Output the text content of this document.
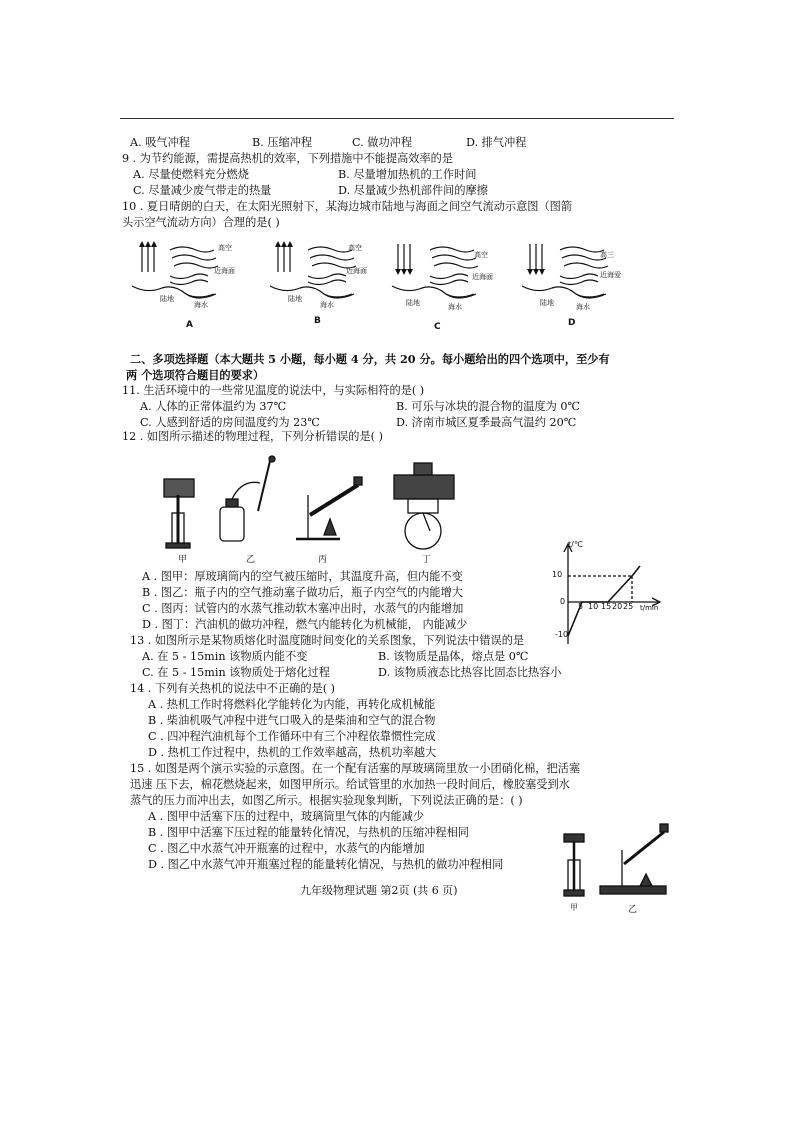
A. 吸气冲程	B. 压缩冲程	C. 做功冲程	D. 排气冲程
9 . 为节约能源，需提高热机的效率，下列措施中不能提高效率的是
A. 尽量使燃料充分燃烧	B. 尽量增加热机的工作时间
C. 尽量减少废气带走的热量	D. 尽量减少热机部件间的摩擦
10 . 夏日晴朗的白天，在太阳光照射下，某海边城市陆地与海面之间空气流动示意图（图箭
头示空气流动方向）合理的是( )
高空
近海面
陆地
海水
A
高空
近海面
陆地
海水
B
高空
近海面
陆地	海水
C
高三
近海爱
陆地	海水
D
二、多项选择题（本大题共 5 小题，每小题 4 分，共 20 分。每小题给出的四个选项中，至少有
两 个选项符合题目的要求）
11. 生活环境中的一些常见温度的说法中，与实际相符的是( )
A. 人体的正常体温约为 37℃	B. 可乐与冰块的混合物的温度为 0℃
C. 人感到舒适的房间温度约为 23℃	D. 济南市城区夏季最高气温约 20℃
12 . 如图所示描述的物理过程，下列分析错误的是( )
甲	乙	丙	丁
A . 图甲：厚玻璃筒内的空气被压缩时，其温度升高，但内能不变
B . 图乙：瓶子内的空气推动塞子做功后，瓶子内空气的内能增大
C . 图丙：试管内的水蒸气推动软木塞冲出时，水蒸气的内能增加
D . 图丁：汽油机的做功冲程，燃气内能转化为机械能， 内能减少
t/℃
10
0
-10
5 10 15 20 25 t/min
13 . 如图所示是某物质熔化时温度随时间变化的关系图象，下列说法中错误的是
A. 在 5 - 15min 该物质内能不变	B. 该物质是晶体，熔点是 0℃
C. 在 5 - 15min 该物质处于熔化过程	D. 该物质液态比热容比固态比热容小
14 . 下列有关热机的说法中不正确的是( )
A . 热机工作时将燃料化学能转化为内能，再转化成机械能
B . 柴油机吸气冲程中进气口吸入的是柴油和空气的混合物
C . 四冲程汽油机每个工作循环中有三个冲程依靠惯性完成
D . 热机工作过程中，热机的工作效率越高，热机功率越大
15 . 如图是两个演示实验的示意图。在一个配有活塞的厚玻璃筒里放一小团硝化棉，把活塞
迅速 压下去，棉花燃烧起来，如图甲所示。给试管里的水加热一段时间后，橡胶塞受到水
蒸气的压力而冲出去，如图乙所示。根据实验现象判断，下列说法正确的是：( )
A . 图甲中活塞下压的过程中，玻璃筒里气体的内能减少
B . 图甲中活塞下压过程的能量转化情况，与热机的压缩冲程相同
C . 图乙中水蒸气冲开瓶塞的过程中，水蒸气的内能增加
D . 图乙中水蒸气冲开瓶塞过程的能量转化情况，与热机的做功冲程相同
甲	乙
九年级物理试题 第2页 (共 6 页)
